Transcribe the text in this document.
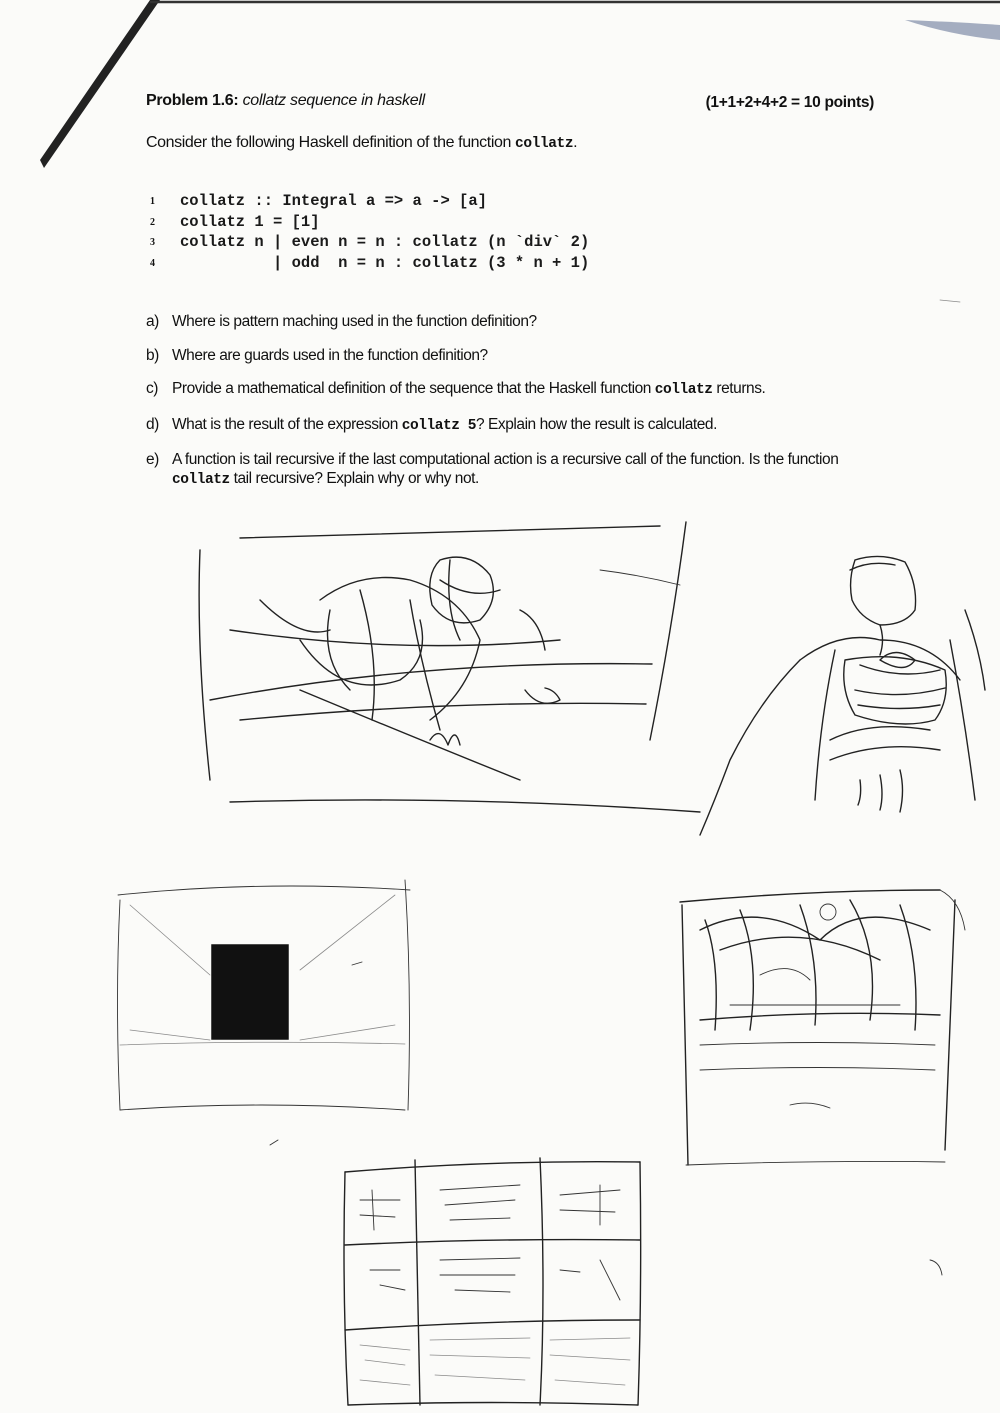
Problem 1.6: collatz sequence in haskell	(1+1+2+4+2 = 10 points)
Consider the following Haskell definition of the function collatz.
1	collatz :: Integral a => a -> [a]
2	collatz 1 = [1]
3	collatz n | even n = n : collatz (n `div` 2)
4	| odd  n = n : collatz (3 * n + 1)
a) Where is pattern maching used in the function definition?
b) Where are guards used in the function definition?
c) Provide a mathematical definition of the sequence that the Haskell function collatz returns.
d) What is the result of the expression collatz 5? Explain how the result is calculated.
e) A function is tail recursive if the last computational action is a recursive call of the function. Is the function collatz tail recursive? Explain why or why not.
